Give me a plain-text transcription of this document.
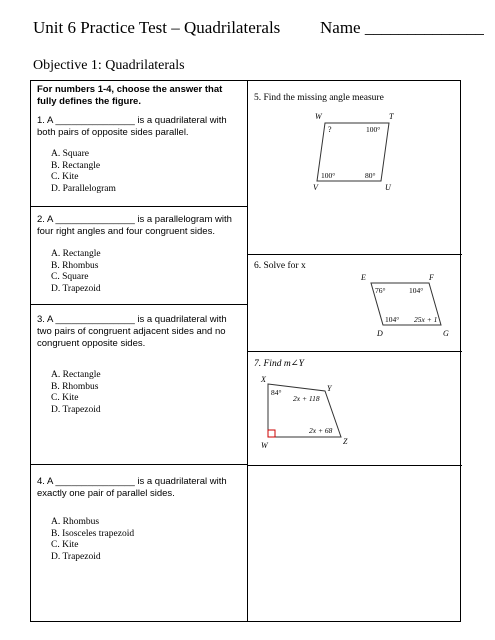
Unit 6 Practice Test – Quadrilaterals Name ______________
Objective 1: Quadrilaterals
For numbers 1-4, choose the answer that fully defines the figure.
1. A _______________ is a quadrilateral with both pairs of opposite sides parallel.
A. Square
B. Rectangle
C. Kite
D. Parallelogram
2. A _______________ is a parallelogram with four right angles and four congruent sides.
A. Rectangle
B. Rhombus
C. Square
D. Trapezoid
3. A _______________ is a quadrilateral with two pairs of congruent adjacent sides and no congruent opposite sides.
A. Rectangle
B. Rhombus
C. Kite
D. Trapezoid
4. A _______________ is a quadrilateral with exactly one pair of parallel sides.
A. Rhombus
B. Isosceles trapezoid
C. Kite
D. Trapezoid
5. Find the missing angle measure
W	T
V	U
?	100°
100°	80°
6. Solve for x
E	F
D	G
76°	104°
104° 25x + 1
7. Find m∠Y
X
Y
W	Z
84°
2x + 118
2x + 68
